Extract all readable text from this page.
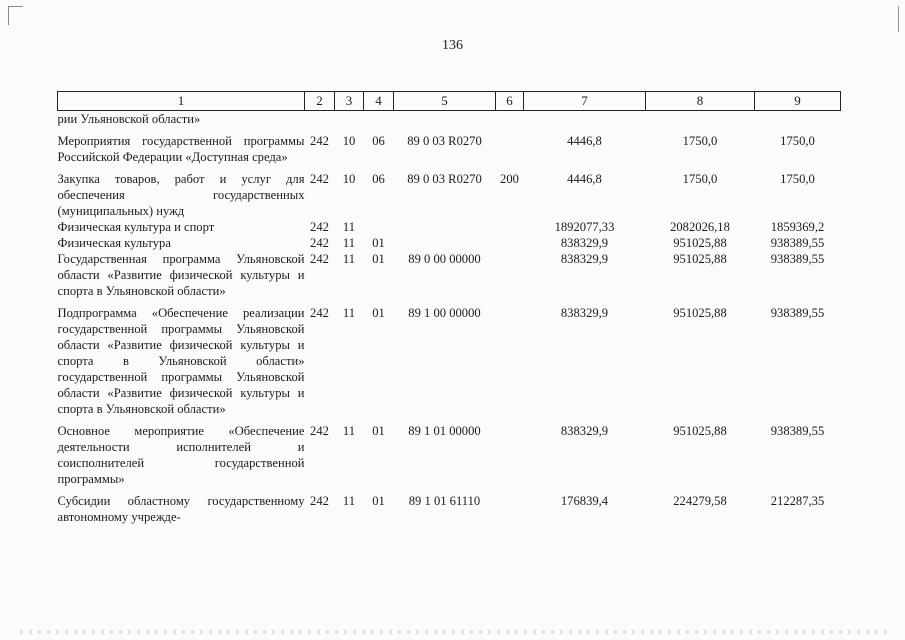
136
1	2	3	4	5	6	7	8	9
рии Ульяновской области»								
Мероприятия государственной программы Российской Федерации «Доступная среда»	242	10	06	89 0 03 R0270		4446,8	1750,0	1750,0
Закупка товаров, работ и услуг для обеспечения государственных (муниципальных) нужд	242	10	06	89 0 03 R0270	200	4446,8	1750,0	1750,0
Физическая культура и спорт	242	11				1892077,33	2082026,18	1859369,2
Физическая культура	242	11	01			838329,9	951025,88	938389,55
Государственная программа Ульяновской области «Развитие физической культуры и спорта в Ульяновской области»	242	11	01	89 0 00 00000		838329,9	951025,88	938389,55
Подпрограмма «Обеспечение реализации государственной программы Ульяновской области «Развитие физической культуры и спорта в Ульяновской области» государственной программы Ульяновской области «Развитие физической культуры и спорта в Ульяновской области»	242	11	01	89 1 00 00000		838329,9	951025,88	938389,55
Основное мероприятие «Обеспечение деятельности исполнителей и соисполнителей государственной программы»	242	11	01	89 1 01 00000		838329,9	951025,88	938389,55
Субсидии областному государственному автономному учрежде-	242	11	01	89 1 01 61110		176839,4	224279,58	212287,35
